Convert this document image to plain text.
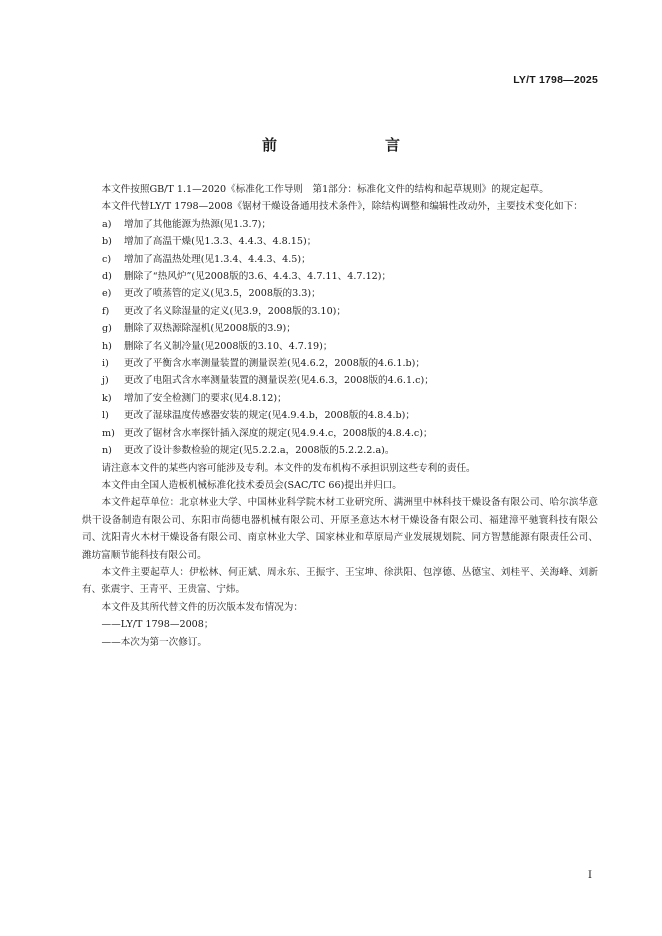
LY/T 1798—2025
前　　言

本文件按照GB/T 1.1—2020《标准化工作导则　第1部分：标准化文件的结构和起草规则》的规定起草。

本文件代替LY/T 1798—2008《锯材干燥设备通用技术条件》，除结构调整和编辑性改动外，主要技术变化如下：

a) 增加了其他能源为热源(见1.3.7)；

b) 增加了高温干燥(见1.3.3、4.4.3、4.8.15)；

c) 增加了高温热处理(见1.3.4、4.4.3、4.5)；

d) 删除了“热风炉”(见2008版的3.6、4.4.3、4.7.11、4.7.12)；

e) 更改了喷蒸管的定义(见3.5，2008版的3.3)；

f) 更改了名义除湿量的定义(见3.9，2008版的3.10)；

g) 删除了双热源除湿机(见2008版的3.9)；

h) 删除了名义制冷量(见2008版的3.10、4.7.19)；

i) 更改了平衡含水率测量装置的测量误差(见4.6.2，2008版的4.6.1.b)；

j) 更改了电阻式含水率测量装置的测量误差(见4.6.3，2008版的4.6.1.c)；

k) 增加了安全检测门的要求(见4.8.12)；

l) 更改了湿球温度传感器安装的规定(见4.9.4.b，2008版的4.8.4.b)；

m) 更改了锯材含水率探针插入深度的规定(见4.9.4.c，2008版的4.8.4.c)；

n) 更改了设计参数检验的规定(见5.2.2.a，2008版的5.2.2.2.a)。

请注意本文件的某些内容可能涉及专利。本文件的发布机构不承担识别这些专利的责任。

本文件由全国人造板机械标准化技术委员会(SAC/TC 66)提出并归口。

本文件起草单位：北京林业大学、中国林业科学院木材工业研究所、满洲里中林科技干燥设备有限公司、哈尔滨华意烘干设备制造有限公司、东阳市尚德电器机械有限公司、开原圣意达木材干燥设备有限公司、福建漳平驰寰科技有限公司、沈阳青火木材干燥设备有限公司、南京林业大学、国家林业和草原局产业发展规划院、同方智慧能源有限责任公司、潍坊富顺节能科技有限公司。

本文件主要起草人：伊松林、何正斌、周永东、王振宇、王宝坤、徐洪阳、包淳德、丛德宝、刘桂平、关海峰、刘新有、张震宇、王青平、王贵富、宁炜。

本文件及其所代替文件的历次版本发布情况为：

——LY/T 1798—2008；

——本次为第一次修订。

I
